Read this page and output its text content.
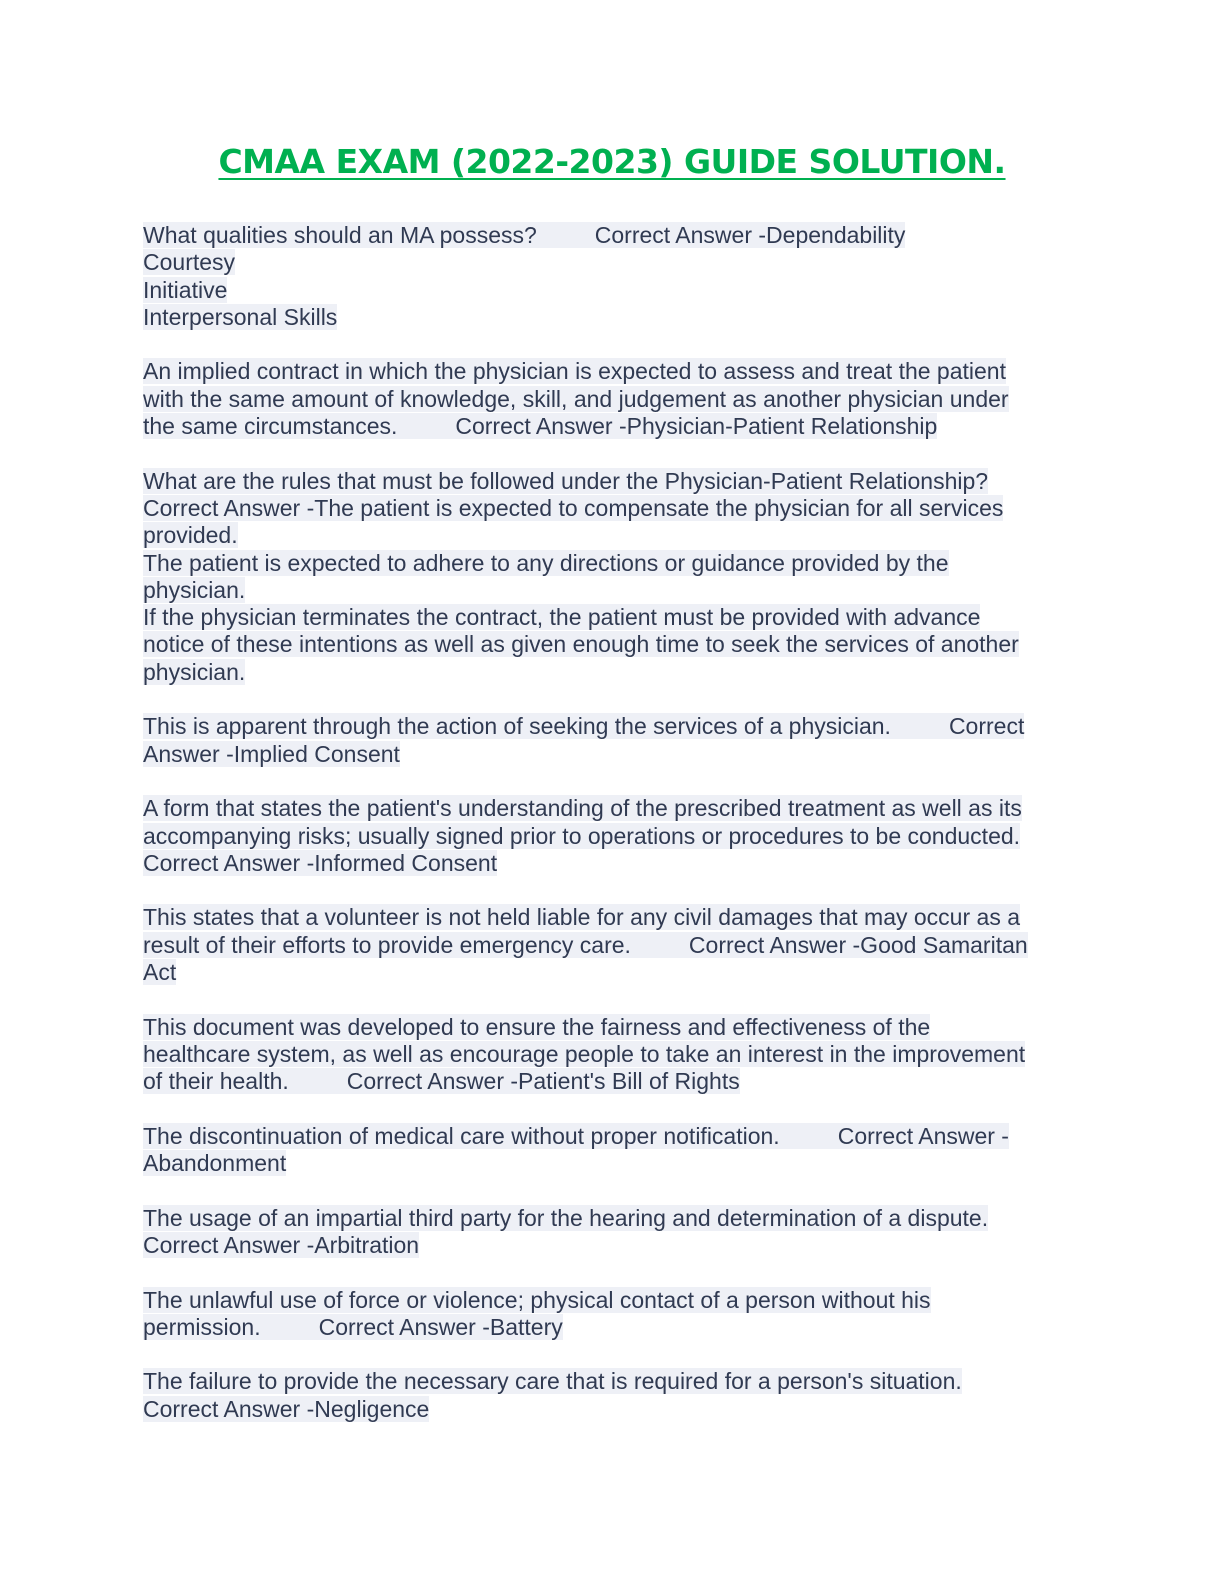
CMAA EXAM (2022-2023) GUIDE SOLUTION.
What qualities should an MA possess?	Correct Answer -Dependability
Courtesy
Initiative
Interpersonal Skills
An implied contract in which the physician is expected to assess and treat the patient
with the same amount of knowledge, skill, and judgement as another physician under
the same circumstances.	Correct Answer -Physician-Patient Relationship
What are the rules that must be followed under the Physician-Patient Relationship?
Correct Answer -The patient is expected to compensate the physician for all services
provided.
The patient is expected to adhere to any directions or guidance provided by the
physician.
If the physician terminates the contract, the patient must be provided with advance
notice of these intentions as well as given enough time to seek the services of another
physician.
This is apparent through the action of seeking the services of a physician.	Correct
Answer -Implied Consent
A form that states the patient's understanding of the prescribed treatment as well as its
accompanying risks; usually signed prior to operations or procedures to be conducted.
Correct Answer -Informed Consent
This states that a volunteer is not held liable for any civil damages that may occur as a
result of their efforts to provide emergency care.	Correct Answer -Good Samaritan
Act
This document was developed to ensure the fairness and effectiveness of the
healthcare system, as well as encourage people to take an interest in the improvement
of their health.	Correct Answer -Patient's Bill of Rights
The discontinuation of medical care without proper notification.	Correct Answer -
Abandonment
The usage of an impartial third party for the hearing and determination of a dispute.
Correct Answer -Arbitration
The unlawful use of force or violence; physical contact of a person without his
permission.	Correct Answer -Battery
The failure to provide the necessary care that is required for a person's situation.
Correct Answer -Negligence
